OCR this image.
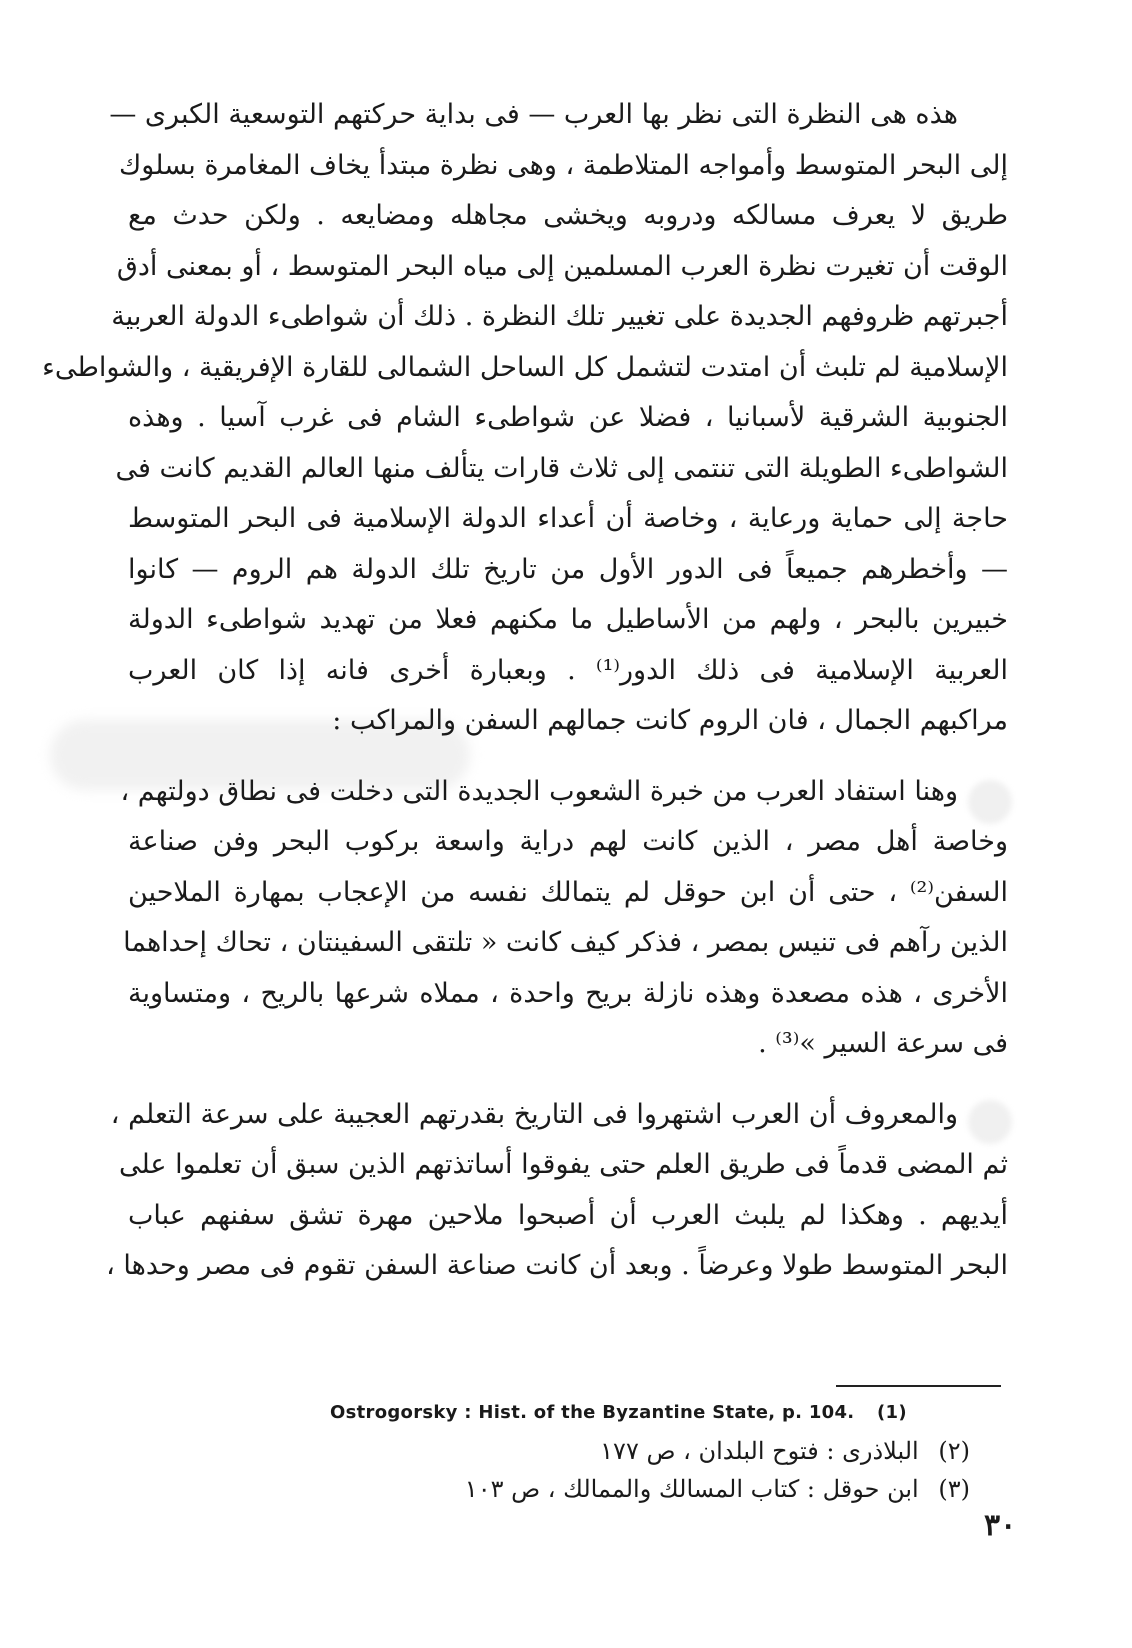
هذه هى النظرة التى نظر بها العرب — فى بداية حركتهم التوسعية الكبرى —
إلى البحر المتوسط وأمواجه المتلاطمة ، وهى نظرة مبتدأ يخاف المغامرة بسلوك
طريق لا يعرف مسالكه ودروبه ويخشى مجاهله ومضايعه . ولكن حدث مع
الوقت أن تغيرت نظرة العرب المسلمين إلى مياه البحر المتوسط ، أو بمعنى أدق
أجبرتهم ظروفهم الجديدة على تغيير تلك النظرة . ذلك أن شواطىء الدولة العربية
الإسلامية لم تلبث أن امتدت لتشمل كل الساحل الشمالى للقارة الإفريقية ، والشواطىء
الجنوبية الشرقية لأسبانيا ، فضلا عن شواطىء الشام فى غرب آسيا . وهذه
الشواطىء الطويلة التى تنتمى إلى ثلاث قارات يتألف منها العالم القديم كانت فى
حاجة إلى حماية ورعاية ، وخاصة أن أعداء الدولة الإسلامية فى البحر المتوسط
— وأخطرهم جميعاً فى الدور الأول من تاريخ تلك الدولة هم الروم — كانوا
خبيرين بالبحر ، ولهم من الأساطيل ما مكنهم فعلا من تهديد شواطىء الدولة
العربية الإسلامية فى ذلك الدور⁽¹⁾ . وبعبارة أخرى فانه إذا كان العرب
مراكبهم الجمال ، فان الروم كانت جمالهم السفن والمراكب :

وهنا استفاد العرب من خبرة الشعوب الجديدة التى دخلت فى نطاق دولتهم ،
وخاصة أهل مصر ، الذين كانت لهم دراية واسعة بركوب البحر وفن صناعة
السفن⁽²⁾ ، حتى أن ابن حوقل لم يتمالك نفسه من الإعجاب بمهارة الملاحين
الذين رآهم فى تنيس بمصر ، فذكر كيف كانت « تلتقى السفينتان ، تحاك إحداهما
الأخرى ، هذه مصعدة وهذه نازلة بريح واحدة ، مملاه شرعها بالريح ، ومتساوية
فى سرعة السير »⁽³⁾ .

والمعروف أن العرب اشتهروا فى التاريخ بقدرتهم العجيبة على سرعة التعلم ،
ثم المضى قدماً فى طريق العلم حتى يفوقوا أساتذتهم الذين سبق أن تعلموا على
أيديهم . وهكذا لم يلبث العرب أن أصبحوا ملاحين مهرة تشق سفنهم عباب
البحر المتوسط طولا وعرضاً . وبعد أن كانت صناعة السفن تقوم فى مصر وحدها ،

Ostrogorsky : Hist. of the Byzantine State, p. 104. (1)
(٢) البلاذرى : فتوح البلدان ، ص ١٧٧
(٣) ابن حوقل : كتاب المسالك والممالك ، ص ١٠٣
٣٠
